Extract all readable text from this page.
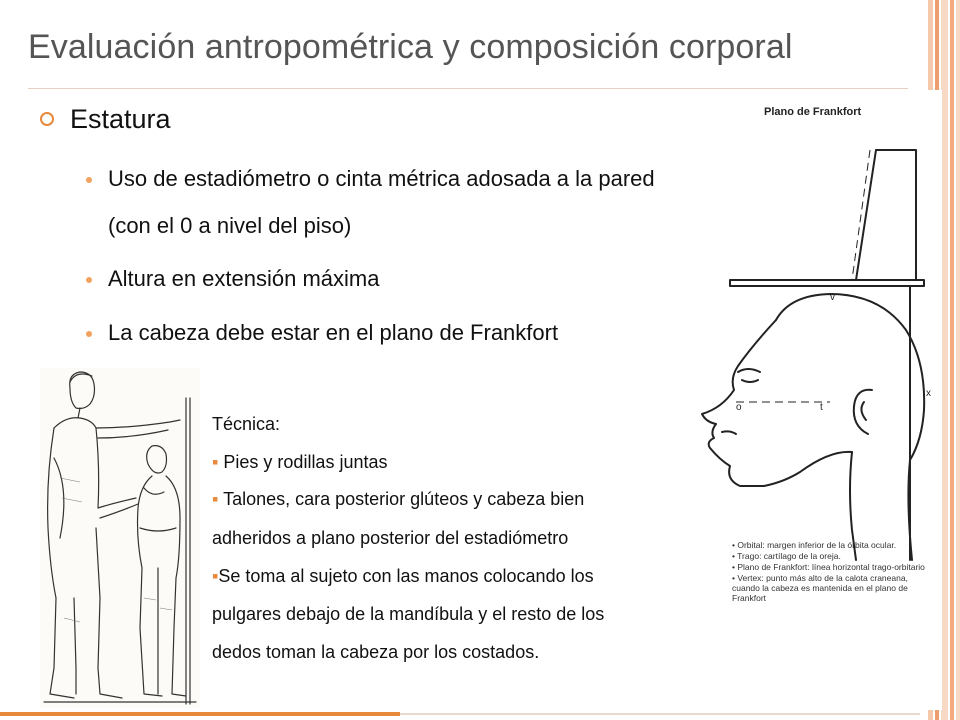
Evaluación antropométrica y composición corporal
Estatura
Uso de estadiómetro o cinta métrica adosada a la pared
(con el 0 a nivel del piso)
Altura en extensión máxima
La cabeza debe estar en el plano de Frankfort
Técnica:
▪ Pies y rodillas juntas
▪ Talones, cara posterior glúteos y cabeza bien
adheridos a plano posterior del estadiómetro
▪Se toma al sujeto con las manos colocando los
pulgares debajo de la mandíbula y el resto de los
dedos toman la cabeza por los costados.
v
o	t
x
Plano de Frankfort
• Orbital: margen inferior de la órbita ocular.
• Trago: cartílago de la oreja.
• Plano de Frankfort: línea horizontal trago-orbitario
• Vertex: punto más alto de la calota craneana, cuando la cabeza es mantenida en el plano de Frankfort
